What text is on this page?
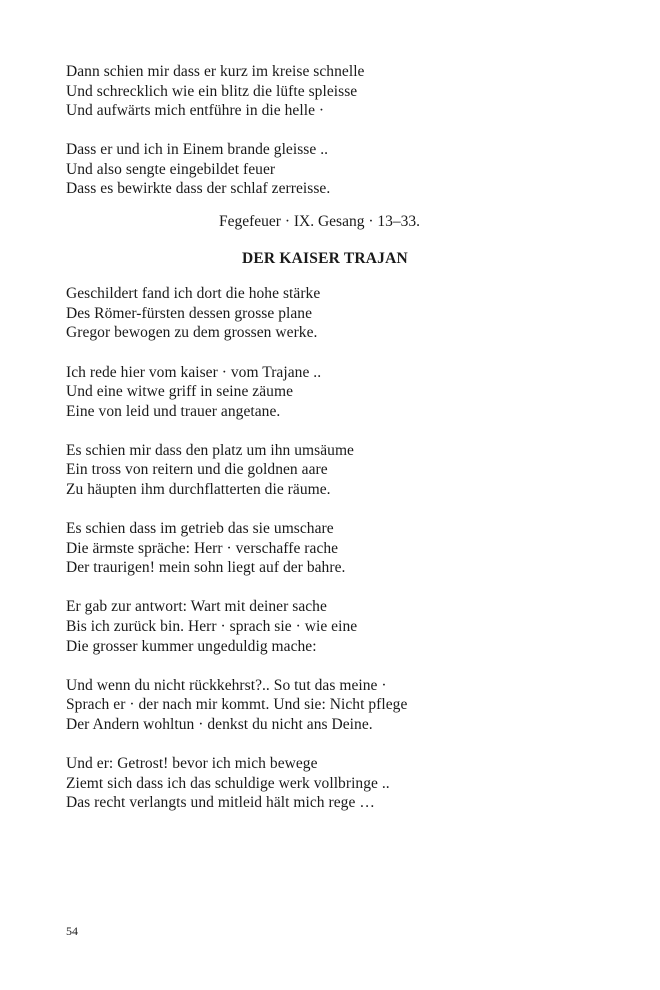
Dann schien mir dass er kurz im kreise schnelle
Und schrecklich wie ein blitz die lüfte spleisse
Und aufwärts mich entführe in die helle ·
Dass er und ich in Einem brande gleisse ..
Und also sengte eingebildet feuer
Dass es bewirkte dass der schlaf zerreisse.
Fegefeuer · IX. Gesang · 13–33.
DER KAISER TRAJAN
Geschildert fand ich dort die hohe stärke
Des Römer-fürsten dessen grosse plane
Gregor bewogen zu dem grossen werke.
Ich rede hier vom kaiser · vom Trajane ..
Und eine witwe griff in seine zäume
Eine von leid und trauer angetane.
Es schien mir dass den platz um ihn umsäume
Ein tross von reitern und die goldnen aare
Zu häupten ihm durchflatterten die räume.
Es schien dass im getrieb das sie umschare
Die ärmste spräche: Herr · verschaffe rache
Der traurigen! mein sohn liegt auf der bahre.
Er gab zur antwort: Wart mit deiner sache
Bis ich zurück bin. Herr · sprach sie · wie eine
Die grosser kummer ungeduldig mache:
Und wenn du nicht rückkehrst?.. So tut das meine ·
Sprach er · der nach mir kommt. Und sie: Nicht pflege
Der Andern wohltun · denkst du nicht ans Deine.
Und er: Getrost! bevor ich mich bewege
Ziemt sich dass ich das schuldige werk vollbringe ..
Das recht verlangts und mitleid hält mich rege …
54
